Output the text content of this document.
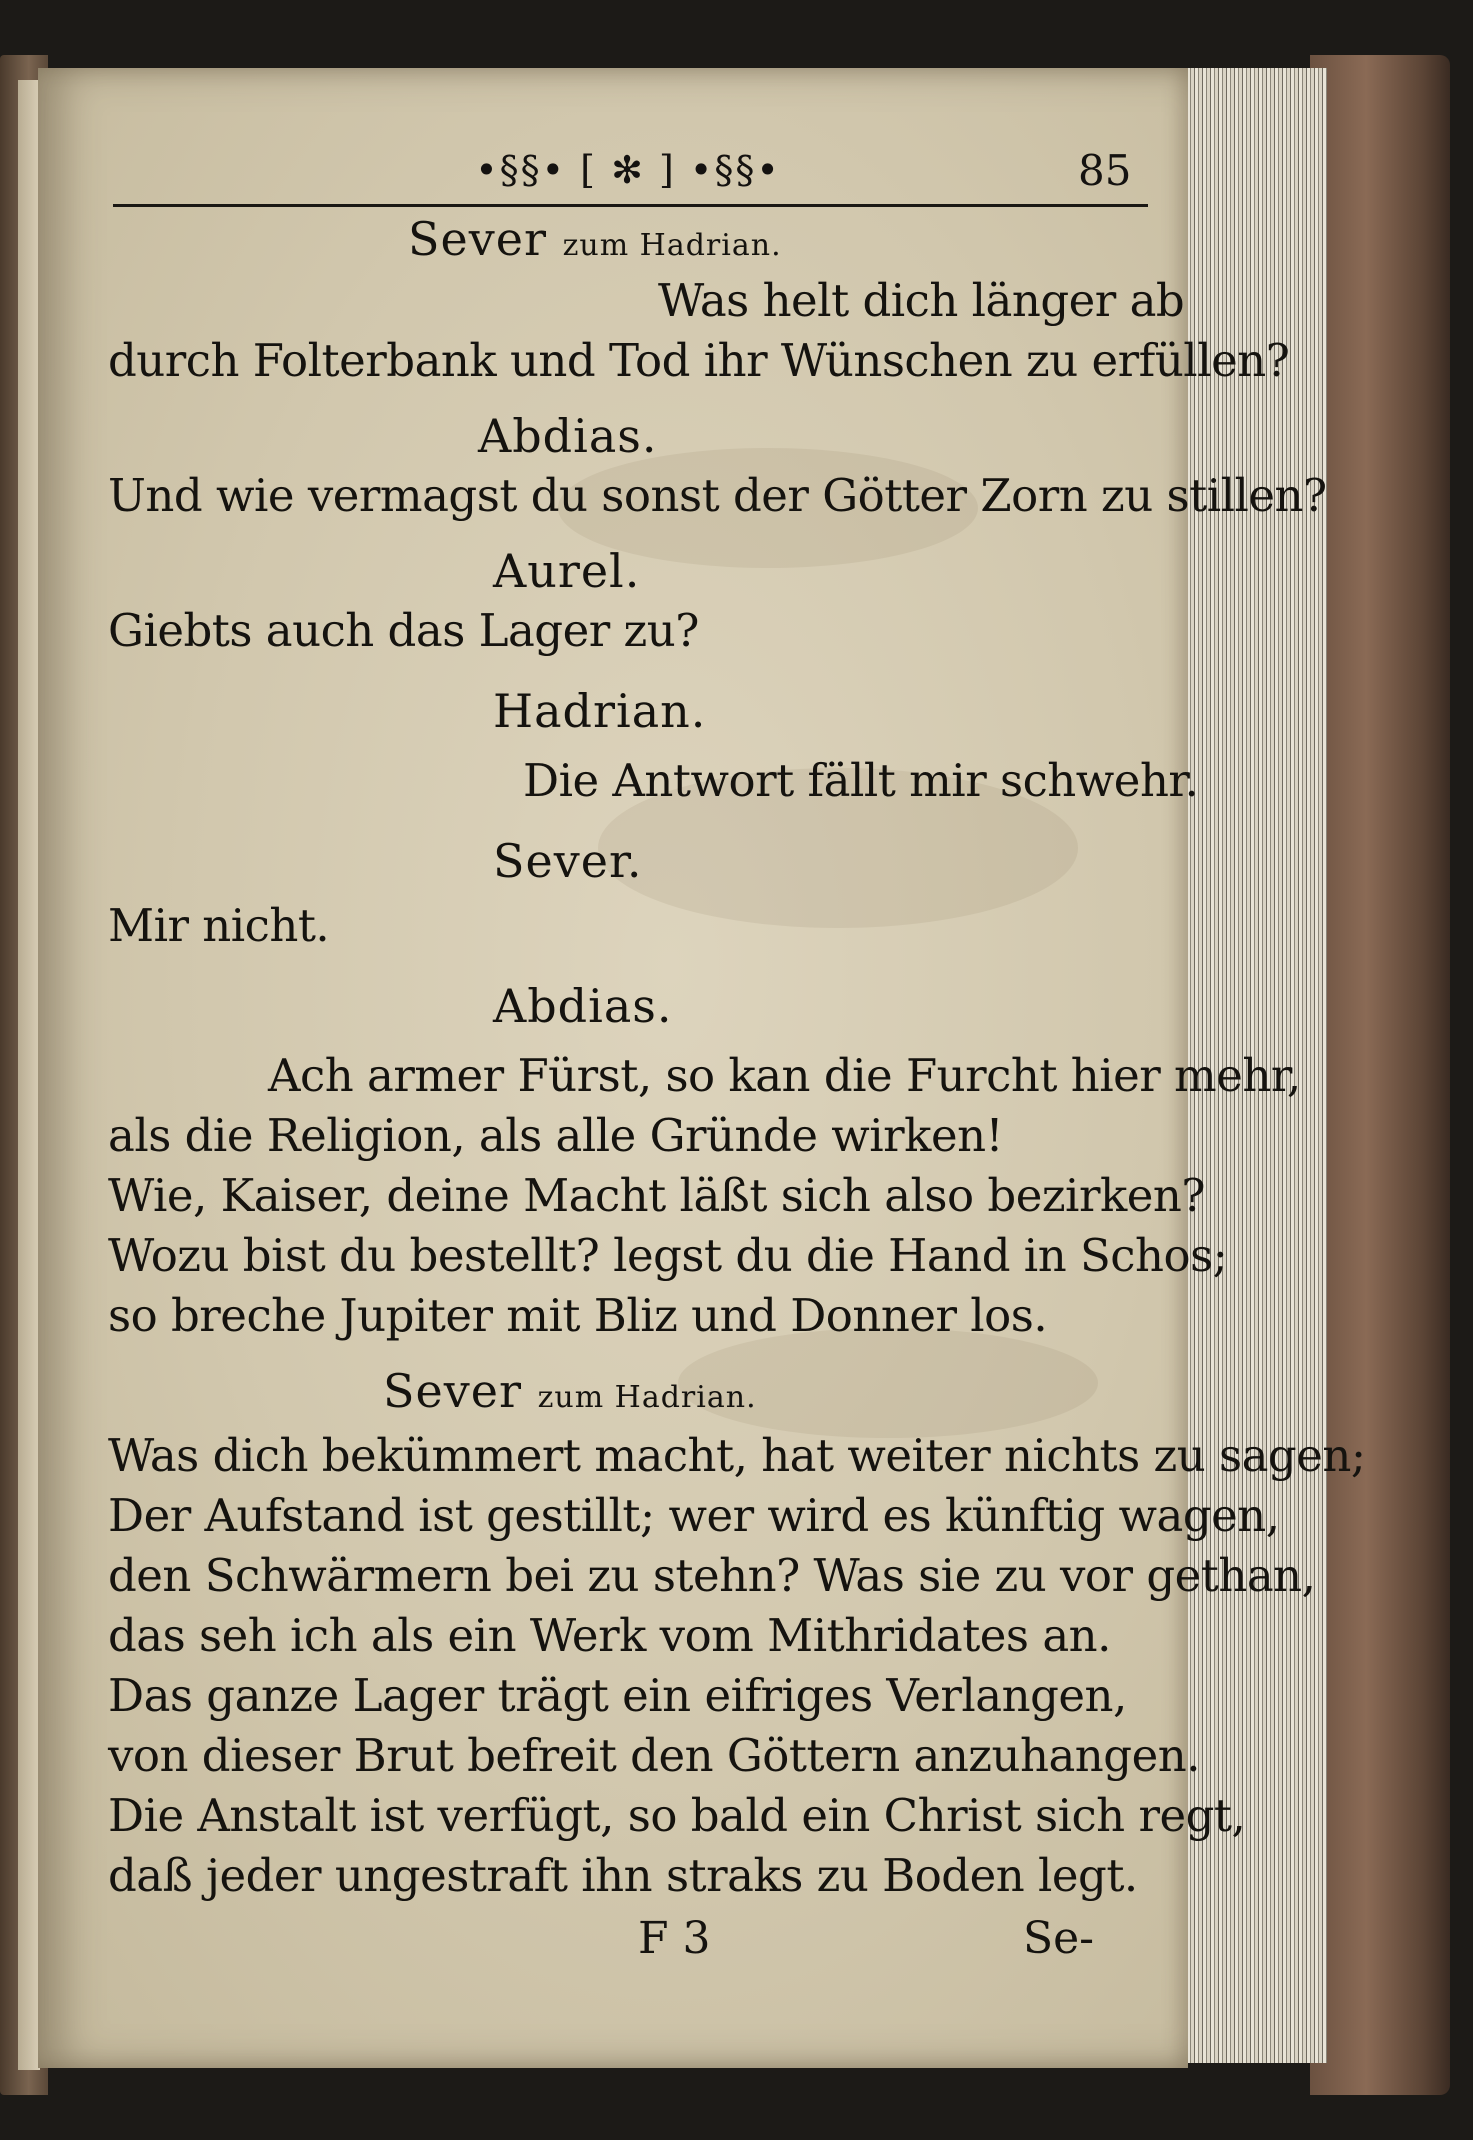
•§§• [ ✻ ] •§§•	85
Sever zum Hadrian.
Was helt dich länger ab
durch Folterbank und Tod ihr Wünschen zu erfüllen?
Abdias.
Und wie vermagst du sonst der Götter Zorn zu stillen?
Aurel.
Giebts auch das Lager zu?
Hadrian.
Die Antwort fällt mir schwehr.
Sever.
Mir nicht.
Abdias.
Ach armer Fürst, so kan die Furcht hier mehr,
als die Religion, als alle Gründe wirken!
Wie, Kaiser, deine Macht läßt sich also bezirken?
Wozu bist du bestellt? legst du die Hand in Schos;
so breche Jupiter mit Bliz und Donner los.
Sever zum Hadrian.
Was dich bekümmert macht, hat weiter nichts zu sagen;
Der Aufstand ist gestillt; wer wird es künftig wagen,
den Schwärmern bei zu stehn? Was sie zu vor gethan,
das seh ich als ein Werk vom Mithridates an.
Das ganze Lager trägt ein eifriges Verlangen,
von dieser Brut befreit den Göttern anzuhangen.
Die Anstalt ist verfügt, so bald ein Christ sich regt,
daß jeder ungestraft ihn straks zu Boden legt.
F 3	Se-
